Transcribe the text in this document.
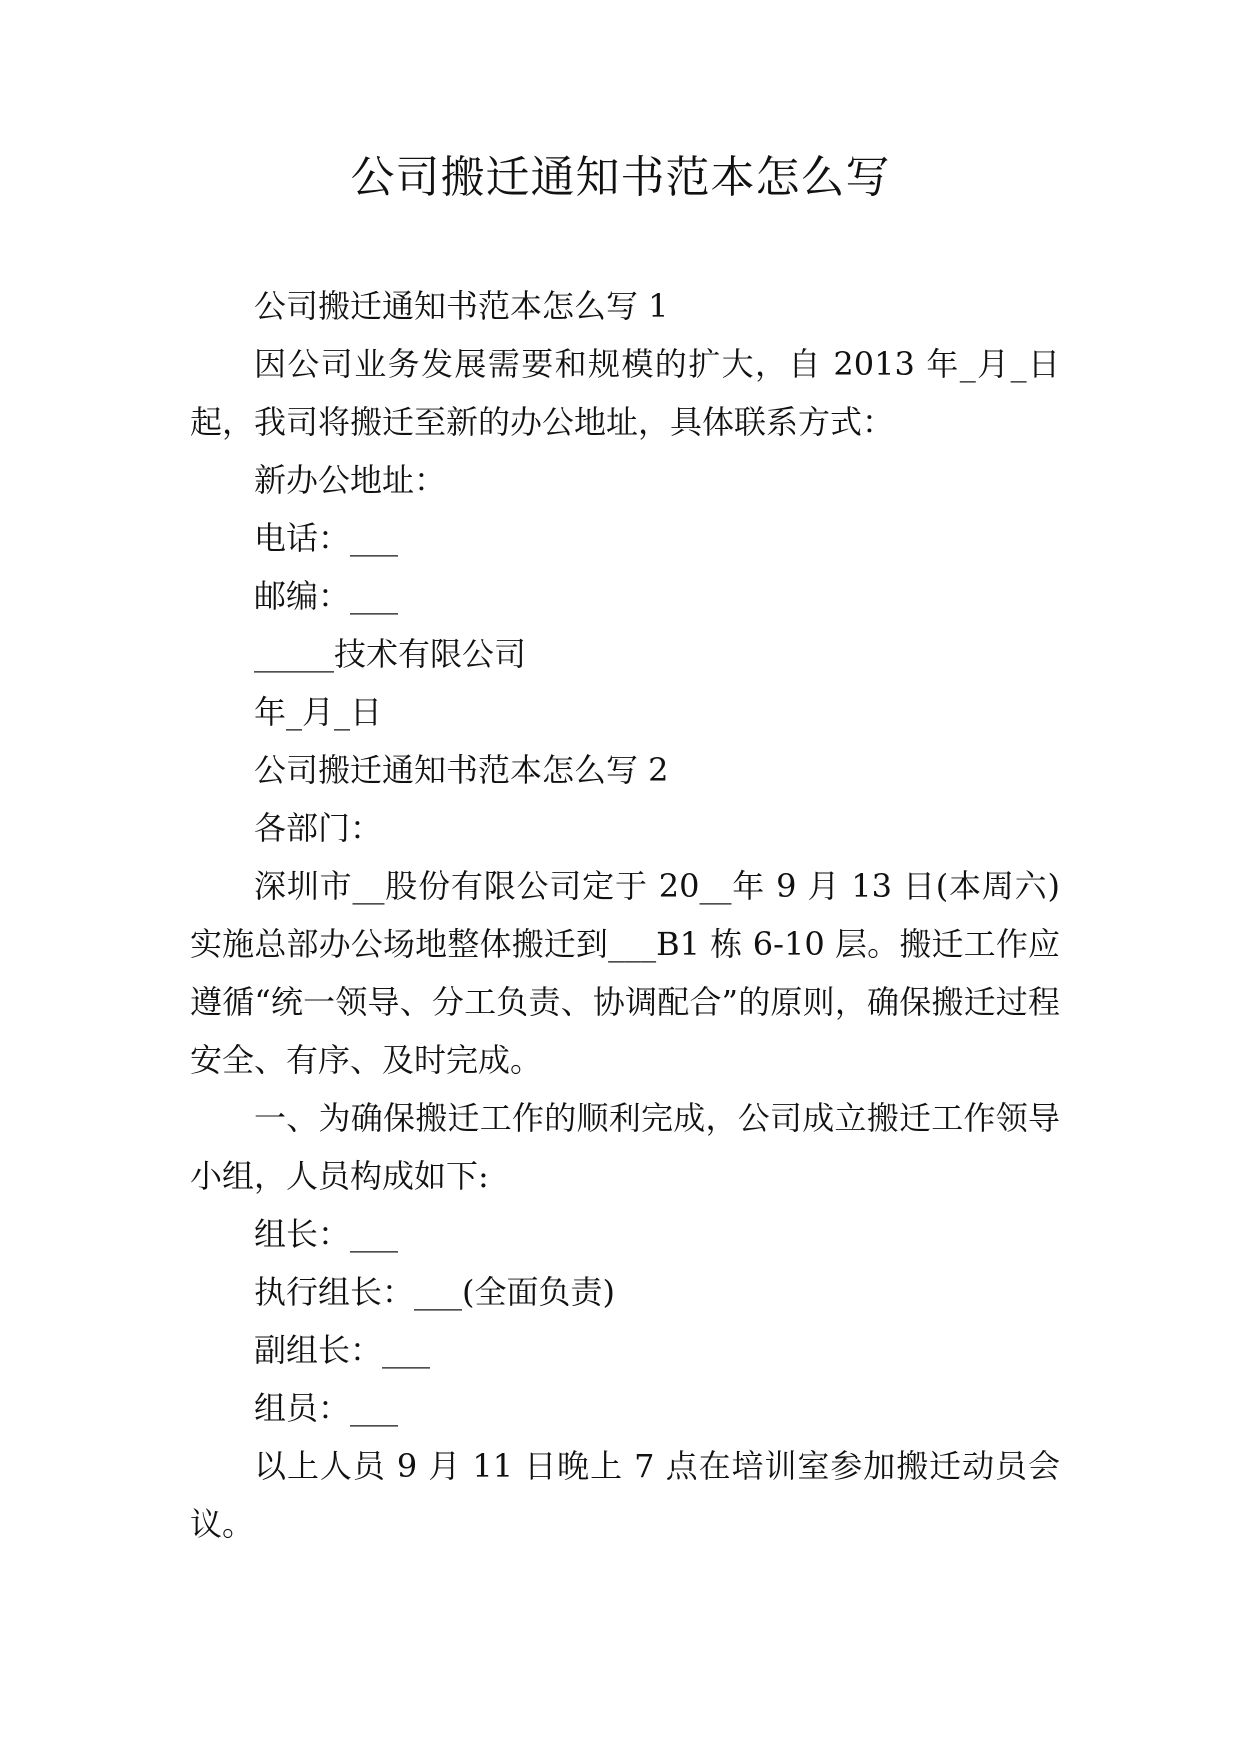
公司搬迁通知书范本怎么写

公司搬迁通知书范本怎么写 1

因公司业务发展需要和规模的扩大，自 2013 年_月_日起，我司将搬迁至新的办公地址，具体联系方式：

新办公地址：

电话：___

邮编：___

_____技术有限公司

年_月_日

公司搬迁通知书范本怎么写 2

各部门：

深圳市__股份有限公司定于 20__年 9 月 13 日(本周六)实施总部办公场地整体搬迁到___B1 栋 6-10 层。搬迁工作应遵循“统一领导、分工负责、协调配合”的原则，确保搬迁过程安全、有序、及时完成。

一、为确保搬迁工作的顺利完成，公司成立搬迁工作领导小组，人员构成如下:

组长：___

执行组长：___(全面负责)

副组长：___

组员：___

以上人员 9 月 11 日晚上 7 点在培训室参加搬迁动员会议。
